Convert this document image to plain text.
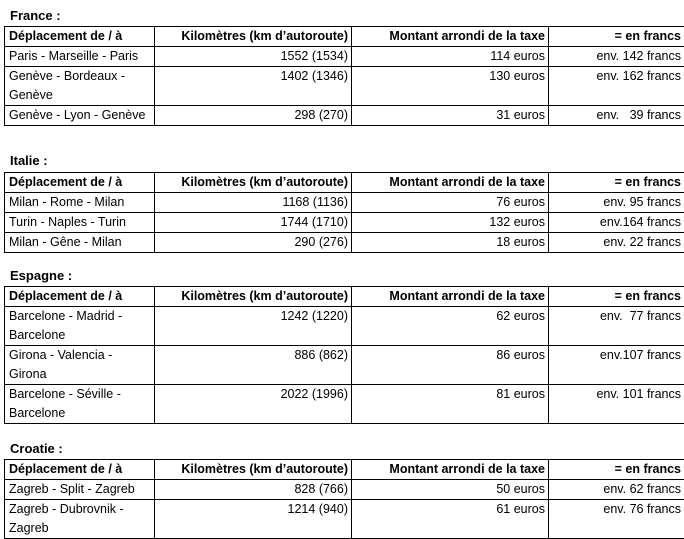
France :
Déplacement de / à	Kilomètres (km d’autoroute)	Montant arrondi de la taxe	= en francs
Paris - Marseille - Paris	1552 (1534)	114 euros	env. 142 francs
Genève - Bordeaux - Genève	1402 (1346)	130 euros	env. 162 francs
Genève - Lyon - Genève	298 (270)	31 euros	env.   39 francs
Italie :
Déplacement de / à	Kilomètres (km d’autoroute)	Montant arrondi de la taxe	= en francs
Milan - Rome - Milan	1168 (1136)	76 euros	env. 95 francs
Turin - Naples - Turin	1744 (1710)	132 euros	env.164 francs
Milan - Gêne - Milan	290 (276)	18 euros	env. 22 francs
Espagne :
Déplacement de / à	Kilomètres (km d’autoroute)	Montant arrondi de la taxe	= en francs
Barcelone - Madrid - Barcelone	1242 (1220)	62 euros	env.  77 francs
Girona - Valencia - Girona	886 (862)	86 euros	env.107 francs
Barcelone - Séville - Barcelone	2022 (1996)	81 euros	env. 101 francs
Croatie :
Déplacement de / à	Kilomètres (km d’autoroute)	Montant arrondi de la taxe	= en francs
Zagreb - Split - Zagreb	828 (766)	50 euros	env. 62 francs
Zagreb - Dubrovnik - Zagreb	1214 (940)	61 euros	env. 76 francs
